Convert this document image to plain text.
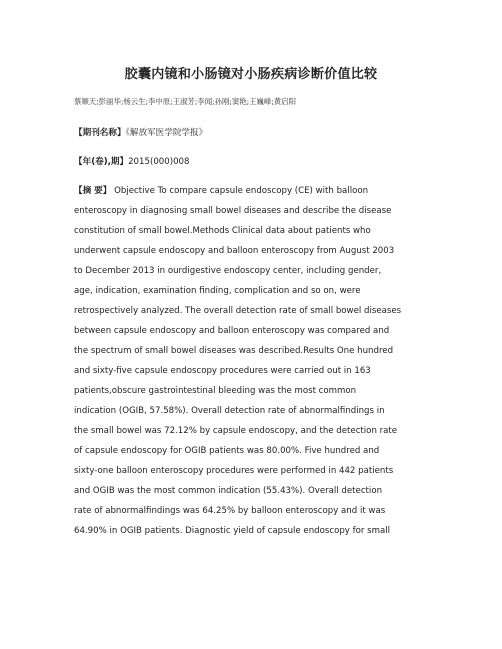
胶囊内镜和小肠镜对小肠疾病诊断价值比较
蔡顺天;彭丽华;杨云生;李中原;王淑芳;李闻;孙刚;窦艳;王巍峰;黄启阳
【期刊名称】《解放军医学院学报》
【年(卷),期】2015(000)008
【摘 要】 Objective To compare capsule endoscopy (CE) with balloon
enteroscopy in diagnosing small bowel diseases and describe the disease
constitution of small bowel.Methods Clinical data about patients who
underwent capsule endoscopy and balloon enteroscopy from August 2003
to December 2013 in ourdigestive endoscopy center, including gender,
age, indication, examination finding, complication and so on, were
retrospectively analyzed. The overall detection rate of small bowel diseases
between capsule endoscopy and balloon enteroscopy was compared and
the spectrum of small bowel diseases was described.Results One hundred
and sixty-five capsule endoscopy procedures were carried out in 163
patients,obscure gastrointestinal bleeding was the most common
indication (OGIB, 57.58%). Overall detection rate of abnormalfindings in
the small bowel was 72.12% by capsule endoscopy, and the detection rate
of capsule endoscopy for OGIB patients was 80.00%. Five hundred and
sixty-one balloon enteroscopy procedures were performed in 442 patients
and OGIB was the most common indication (55.43%). Overall detection
rate of abnormalfindings was 64.25% by balloon enteroscopy and it was
64.90% in OGIB patients. Diagnostic yield of capsule endoscopy for small
